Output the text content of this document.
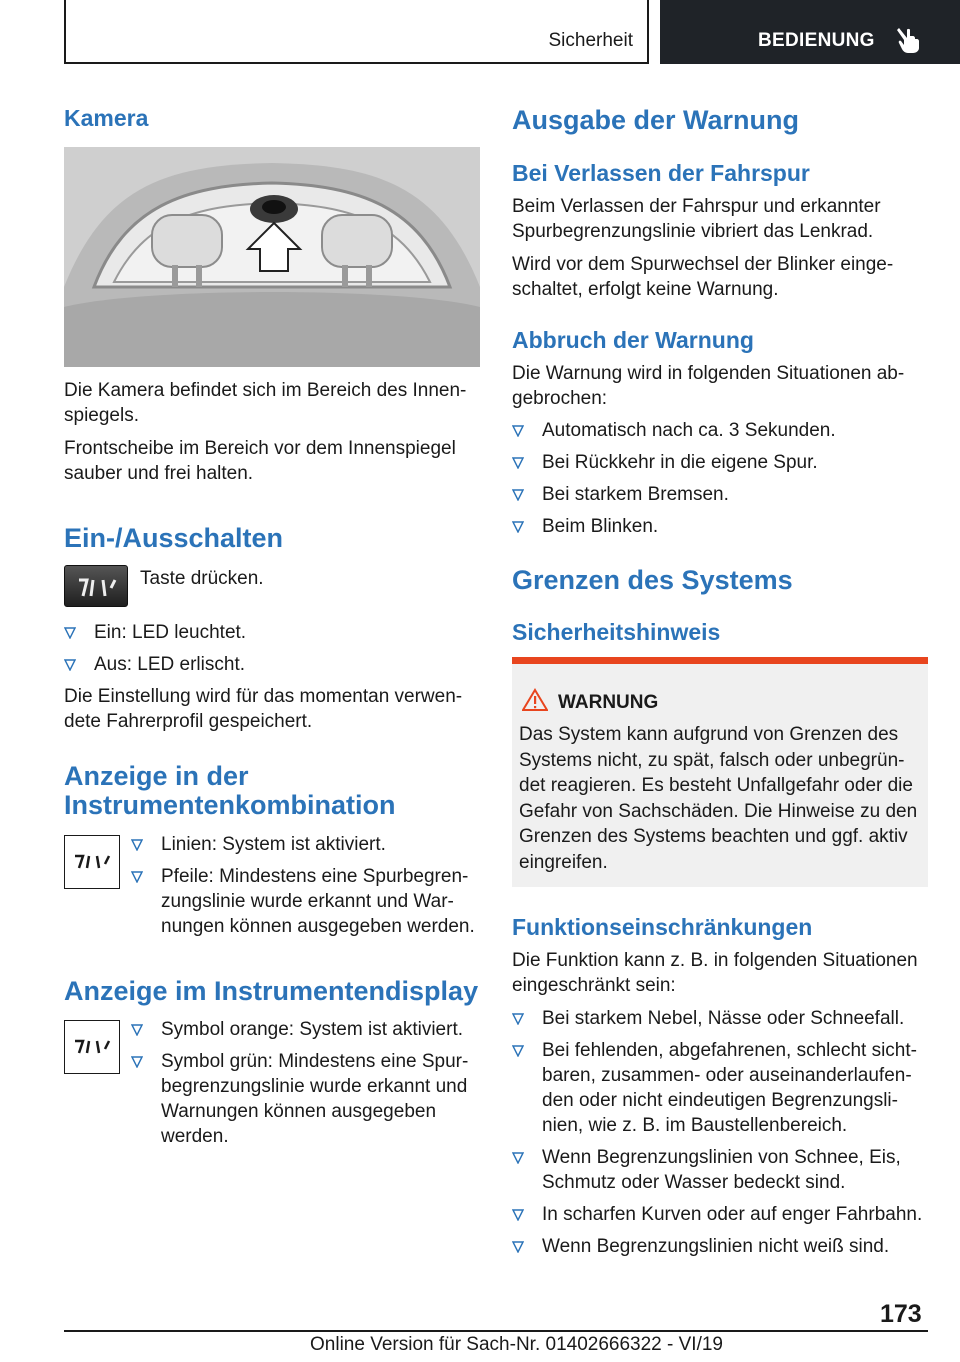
Sicherheit	BEDIENUNG
Kamera
Die Kamera befindet sich im Bereich des Innen-spiegels.
Frontscheibe im Bereich vor dem Innenspiegel sauber und frei halten.
Ein-/Ausschalten
Taste drücken.
Ein: LED leuchtet.
Aus: LED erlischt.
Die Einstellung wird für das momentan verwen-dete Fahrerprofil gespeichert.
Anzeige in der
Instrumentenkombination
Linien: System ist aktiviert.
Pfeile: Mindestens eine Spurbegren-zungslinie wurde erkannt und War-nungen können ausgegeben werden.
Anzeige im Instrumentendisplay
Symbol orange: System ist aktiviert.
Symbol grün: Mindestens eine Spur-begrenzungslinie wurde erkannt und Warnungen können ausgegeben werden.
Ausgabe der Warnung
Bei Verlassen der Fahrspur
Beim Verlassen der Fahrspur und erkannter Spurbegrenzungslinie vibriert das Lenkrad.
Wird vor dem Spurwechsel der Blinker einge-schaltet, erfolgt keine Warnung.
Abbruch der Warnung
Die Warnung wird in folgenden Situationen ab-gebrochen:
Automatisch nach ca. 3 Sekunden.
Bei Rückkehr in die eigene Spur.
Bei starkem Bremsen.
Beim Blinken.
Grenzen des Systems
Sicherheitshinweis
WARNUNG
Das System kann aufgrund von Grenzen des Systems nicht, zu spät, falsch oder unbegrün-det reagieren. Es besteht Unfallgefahr oder die Gefahr von Sachschäden. Die Hinweise zu den Grenzen des Systems beachten und ggf. aktiv eingreifen.
Funktionseinschränkungen
Die Funktion kann z. B. in folgenden Situationen eingeschränkt sein:
Bei starkem Nebel, Nässe oder Schneefall.
Bei fehlenden, abgefahrenen, schlecht sicht-baren, zusammen- oder auseinanderlaufen-den oder nicht eindeutigen Begrenzungsli-nien, wie z. B. im Baustellenbereich.
Wenn Begrenzungslinien von Schnee, Eis, Schmutz oder Wasser bedeckt sind.
In scharfen Kurven oder auf enger Fahrbahn.
Wenn Begrenzungslinien nicht weiß sind.
173
Online Version für Sach-Nr. 01402666322 - VI/19
